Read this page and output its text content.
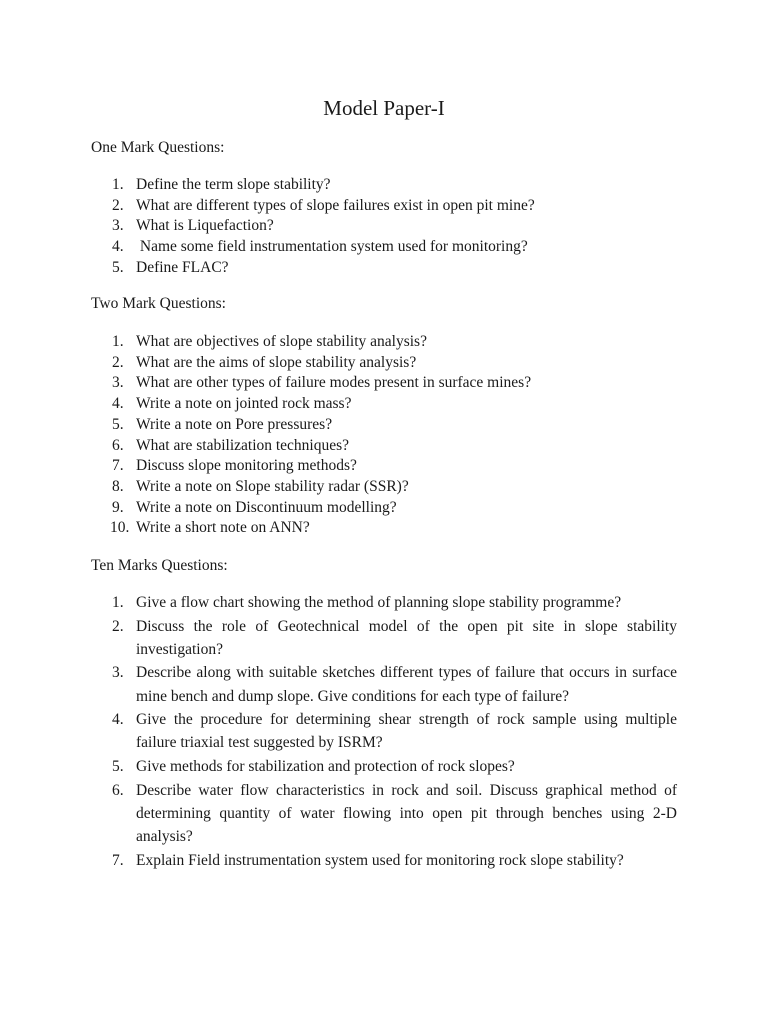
Model Paper-I
One Mark Questions:
1. Define the term slope stability?
2. What are different types of slope failures exist in open pit mine?
3. What is Liquefaction?
4. Name some field instrumentation system used for monitoring?
5. Define FLAC?
Two Mark Questions:
1. What are objectives of slope stability analysis?
2. What are the aims of slope stability analysis?
3. What are other types of failure modes present in surface mines?
4. Write a note on jointed rock mass?
5. Write a note on Pore pressures?
6. What are stabilization techniques?
7. Discuss slope monitoring methods?
8. Write a note on Slope stability radar (SSR)?
9. Write a note on Discontinuum modelling?
10. Write a short note on ANN?
Ten Marks Questions:
1. Give a flow chart showing the method of planning slope stability programme?
2. Discuss the role of Geotechnical model of the open pit site in slope stability investigation?
3. Describe along with suitable sketches different types of failure that occurs in surface mine bench and dump slope. Give conditions for each type of failure?
4. Give the procedure for determining shear strength of rock sample using multiple failure triaxial test suggested by ISRM?
5. Give methods for stabilization and protection of rock slopes?
6. Describe water flow characteristics in rock and soil. Discuss graphical method of determining quantity of water flowing into open pit through benches using 2-D analysis?
7. Explain Field instrumentation system used for monitoring rock slope stability?
